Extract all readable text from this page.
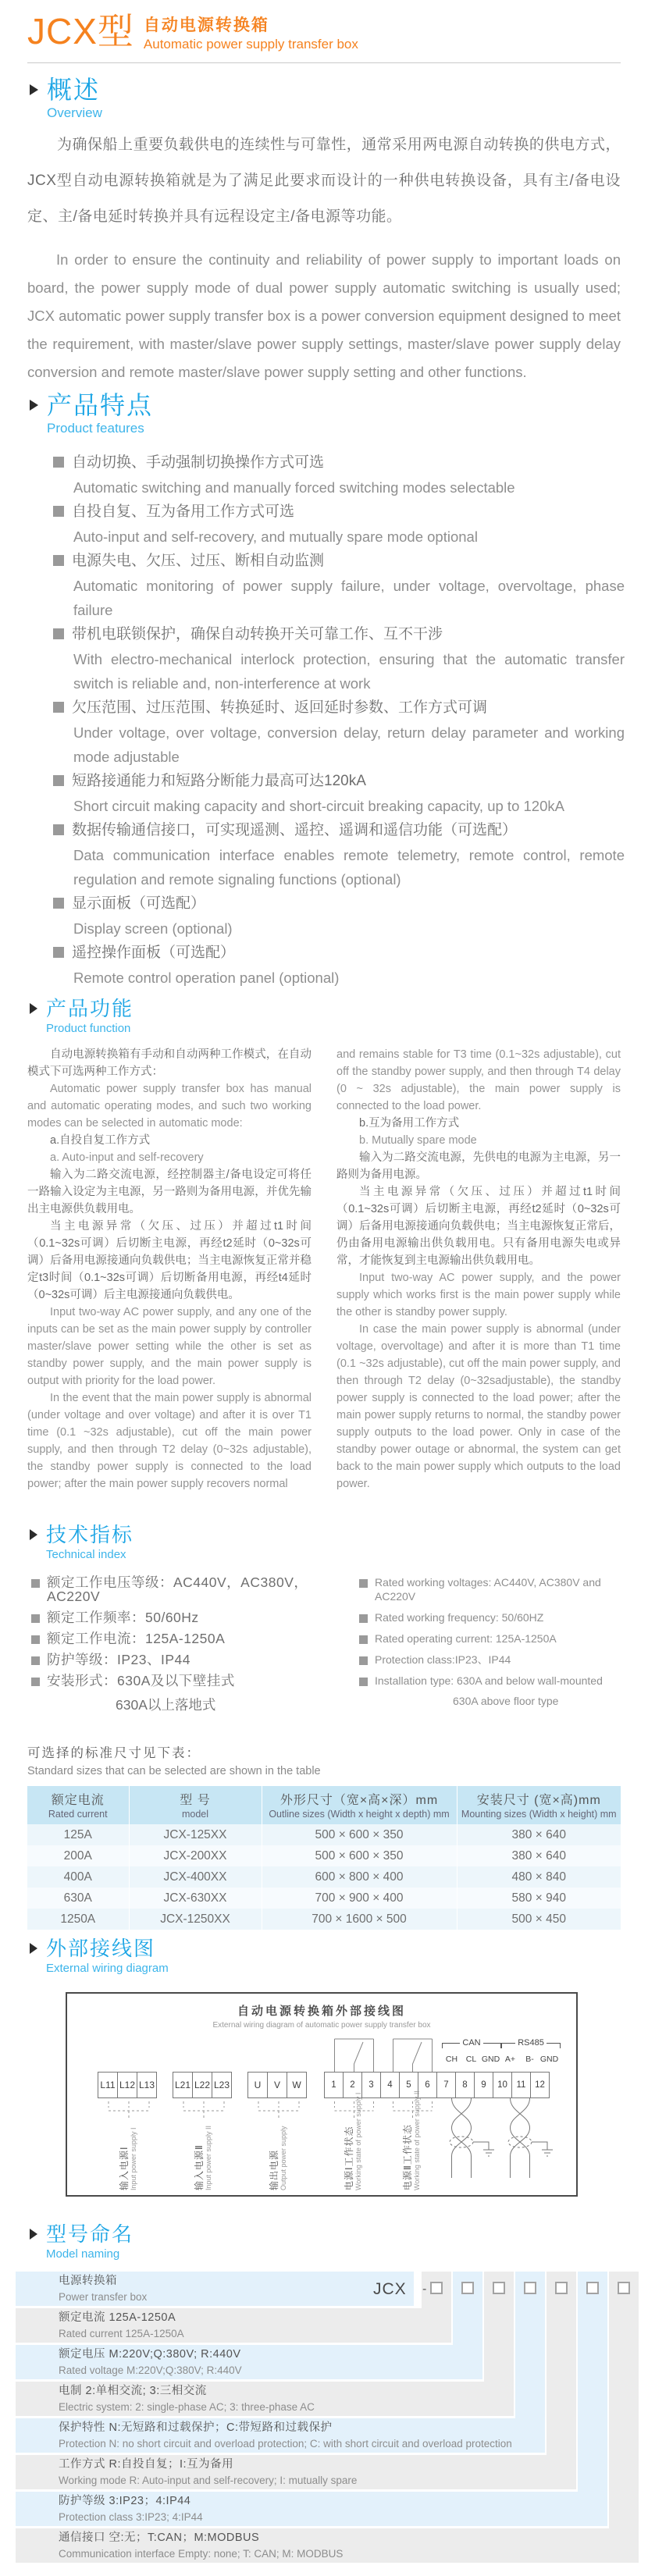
JCX型 自动电源转换箱
Automatic power supply transfer box
概述
Overview

为确保船上重要负载供电的连续性与可靠性，通常采用两电源自动转换的供电方式，JCX型自动电源转换箱就是为了满足此要求而设计的一种供电转换设备，具有主/备电设定、主/备电延时转换并具有远程设定主/备电源等功能。

In order to ensure the continuity and reliability of power supply to important loads on board, the power supply mode of dual power supply automatic switching is usually used; JCX automatic power supply transfer box is a power conversion equipment designed to meet the requirement, with master/slave power supply settings, master/slave power supply delay conversion and remote master/slave power supply setting and other functions.

产品特点
Product features
自动切换、手动强制切换操作方式可选
Automatic switching and manually forced switching modes selectable
自投自复、互为备用工作方式可选
Auto-input and self-recovery, and mutually spare mode optional
电源失电、欠压、过压、断相自动监测
Automatic monitoring of power supply failure, under voltage, overvoltage, phase failure
带机电联锁保护，确保自动转换开关可靠工作、互不干涉
With electro-mechanical interlock protection, ensuring that the automatic transfer switch is reliable and, non-interference at work
欠压范围、过压范围、转换延时、返回延时参数、工作方式可调
Under voltage, over voltage, conversion delay, return delay parameter and working mode adjustable
短路接通能力和短路分断能力最高可达120kA
Short circuit making capacity and short-circuit breaking capacity, up to 120kA
数据传输通信接口，可实现遥测、遥控、遥调和遥信功能（可选配）
Data communication interface enables remote telemetry, remote control, remote regulation and remote signaling functions (optional)
显示面板（可选配）
Display screen (optional)
遥控操作面板（可选配）
Remote control operation panel (optional)
产品功能
Product function

自动电源转换箱有手动和自动两种工作模式，在自动模式下可选两种工作方式：

Automatic power supply transfer box has manual and automatic operating modes, and such two working modes can be selected in automatic mode:

a.自投自复工作方式

a. Auto-input and self-recovery

输入为二路交流电源，经控制器主/备电设定可将任一路输入设定为主电源，另一路则为备用电源，并优先输出主电源供负载用电。

当主电源异常（欠压、过压）并超过t1时间（0.1~32s可调）后切断主电源，再经t2延时（0~32s可调）后备用电源接通向负载供电；当主电源恢复正常并稳定t3时间（0.1~32s可调）后切断备用电源，再经t4延时（0~32s可调）后主电源接通向负载供电。

Input two-way AC power supply, and any one of the inputs can be set as the main power supply by controller master/slave power setting while the other is set as standby power supply, and the main power supply is output with priority for the load power.

In the event that the main power supply is abnormal (under voltage and over voltage) and after it is over T1 time (0.1 ~32s adjustable), cut off the main power supply, and then through T2 delay (0~32s adjustable), the standby power supply is connected to the load power; after the main power supply recovers normal

and remains stable for T3 time (0.1~32s adjustable), cut off the standby power supply, and then through T4 delay (0 ~ 32s adjustable), the main power supply is connected to the load power.

b.互为备用工作方式

b. Mutually spare mode

输入为二路交流电源，先供电的电源为主电源，另一路则为备用电源。

当主电源异常（欠压、过压）并超过t1时间（0.1~32s可调）后切断主电源，再经t2延时（0~32s可调）后备用电源接通向负载供电；当主电源恢复正常后，仍由备用电源输出供负载用电。只有备用电源失电或异常，才能恢复到主电源输出供负载用电。

Input two-way AC power supply, and the power supply which works first is the main power supply while the other is standby power supply.

In case the main power supply is abnormal (under voltage, overvoltage) and after it is more than T1 time (0.1 ~32s adjustable), cut off the main power supply, and then through T2 delay (0~32sadjustable), the standby power supply is connected to the load power; after the main power supply returns to normal, the standby power supply outputs to the load power. Only in case of the standby power outage or abnormal, the system can get back to the main power supply which outputs to the load power.

技术指标
Technical index
额定工作电压等级：AC440V，AC380V，AC220V
额定工作频率：50/60Hz
额定工作电流：125A-1250A
防护等级：IP23、IP44
安装形式：630A及以下壁挂式
630A以上落地式
Rated working voltages: AC440V, AC380V and AC220V
Rated working frequency: 50/60HZ
Rated operating current: 125A-1250A
Protection class:IP23、IP44
Installation type: 630A and below wall-mounted
630A above floor type
可选择的标准尺寸见下表：
Standard sizes that can be selected are shown in the table
额定电流
Rated current	型 号
model	外形尺寸（宽×高×深）mm
Outline sizes (Width x height x depth) mm	安装尺寸 (宽×高)mm
Mounting sizes (Width x height) mm

125A	JCX-125XX	500 × 600 × 350	380 × 640
200A	JCX-200XX	500 × 600 × 350	380 × 640
400A	JCX-400XX	600 × 800 × 400	480 × 840
630A	JCX-630XX	700 × 900 × 400	580 × 940
1250A	JCX-1250XX	700 × 1600 × 500	500 × 450
外部接线图
External wiring diagram
自动电源转换箱外部接线图
External wiring diagram of automatic power supply transfer box
CAN	RS485
CH	CL GND A+	B- GND
L11 L12 L13 L21 L22 L23	U	V	W	1	2	3	4	5	6	7	8	9	10	11	12
输入电源Ⅰ Input power supply I	输入电源Ⅱ Input power supply II	输出电源 Output power supply	电源Ⅰ工作状态 Working state of power supply I	电源Ⅱ工作状态 Working state of power supply II
型号命名
Model naming
电源转换箱
Power transfer box
额定电流 125A-1250A
Rated current 125A-1250A
额定电压 M:220V;Q:380V; R:440V
Rated voltage M:220V;Q:380V; R:440V
电制 2:单相交流; 3:三相交流
Electric system: 2: single-phase AC; 3: three-phase AC
保护特性 N:无短路和过载保护；C:带短路和过载保护
Protection N: no short circuit and overload protection; C: with short circuit and overload protection
工作方式 R:自投自复；I:互为备用
Working mode R: Auto-input and self-recovery; I: mutually spare
防护等级 3:IP23；4:IP44
Protection class 3:IP23; 4:IP44
通信接口 空:无；T:CAN；M:MODBUS
Communication interface Empty: none; T: CAN; M: MODBUS
JCX -
